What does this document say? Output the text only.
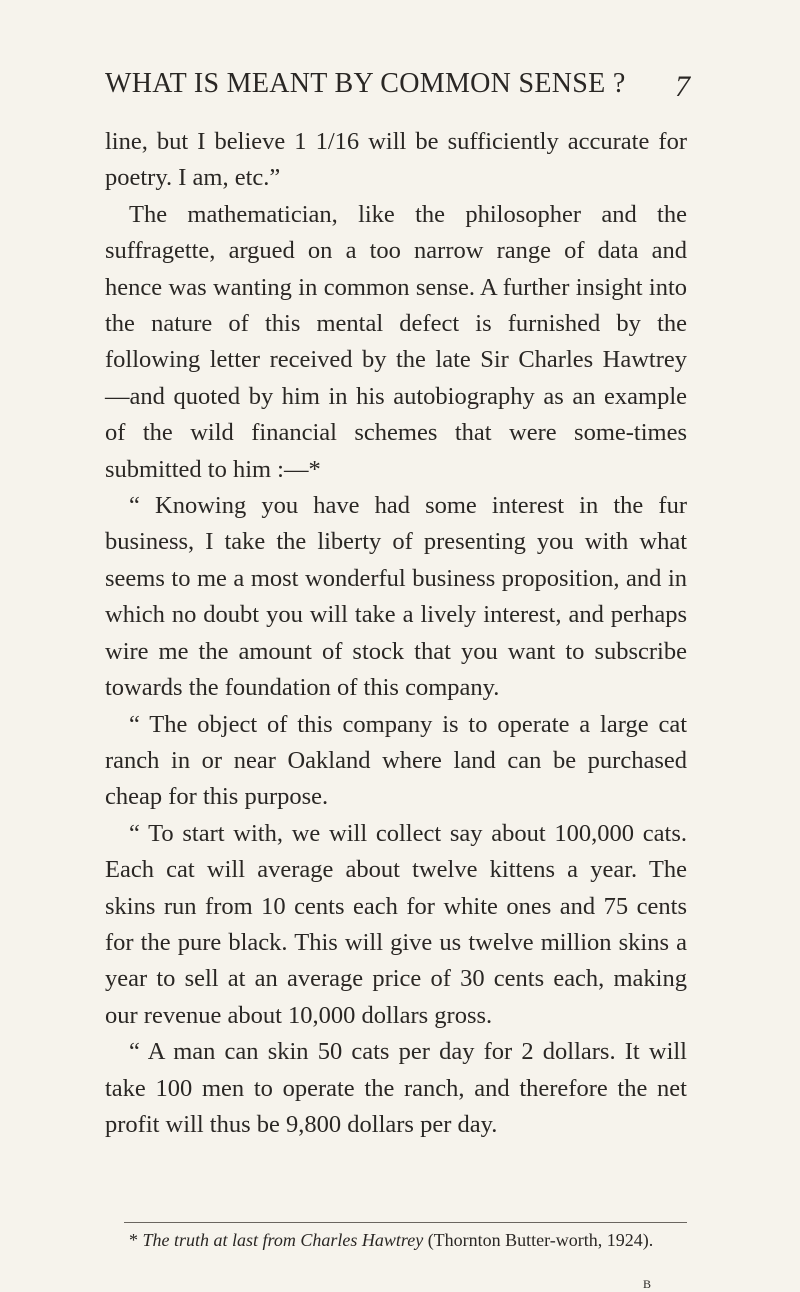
WHAT IS MEANT BY COMMON SENSE ? 7

line, but I believe 1 1/16 will be sufficiently accurate for poetry. I am, etc.”

The mathematician, like the philosopher and the suffragette, argued on a too narrow range of data and hence was wanting in common sense. A further insight into the nature of this mental defect is furnished by the following letter received by the late Sir Charles Hawtrey —and quoted by him in his autobiography as an example of the wild financial schemes that were some-times submitted to him :—*

“ Knowing you have had some interest in the fur business, I take the liberty of presenting you with what seems to me a most wonderful business proposition, and in which no doubt you will take a lively interest, and perhaps wire me the amount of stock that you want to subscribe towards the foundation of this company.

“ The object of this company is to operate a large cat ranch in or near Oakland where land can be purchased cheap for this purpose.

“ To start with, we will collect say about 100,000 cats. Each cat will average about twelve kittens a year. The skins run from 10 cents each for white ones and 75 cents for the pure black. This will give us twelve million skins a year to sell at an average price of 30 cents each, making our revenue about 10,000 dollars gross.

“ A man can skin 50 cats per day for 2 dollars. It will take 100 men to operate the ranch, and therefore the net profit will thus be 9,800 dollars per day.

* The truth at last from Charles Hawtrey (Thornton Butter-worth, 1924).
B
